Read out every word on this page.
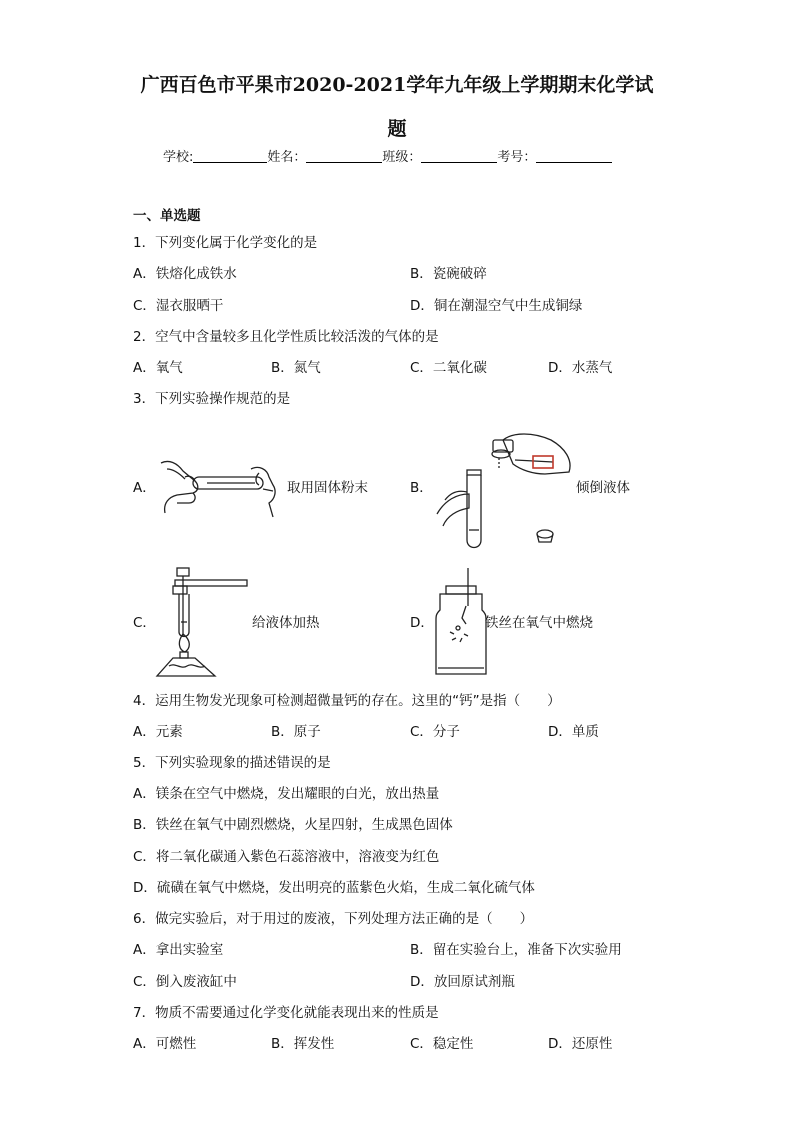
广西百色市平果市2020-2021学年九年级上学期期末化学试
题
学校:	姓名：	班级：	考号：
一、单选题
1．下列变化属于化学变化的是
A．铁熔化成铁水	B．瓷碗破碎
C．湿衣服晒干	D．铜在潮湿空气中生成铜绿
2．空气中含量较多且化学性质比较活泼的气体的是
A．氧气	B．氮气	C．二氧化碳	D．水蒸气
3．下列实验操作规范的是
A．	取用固体粉末	B．	倾倒液体
C．	给液体加热	D．	铁丝在氧气中燃烧
4．运用生物发光现象可检测超微量钙的存在。这里的“钙”是指（　　）
A．元素	B．原子	C．分子	D．单质
5．下列实验现象的描述错误的是
A．镁条在空气中燃烧，发出耀眼的白光，放出热量
B．铁丝在氧气中剧烈燃烧，火星四射，生成黑色固体
C．将二氧化碳通入紫色石蕊溶液中，溶液变为红色
D．硫磺在氧气中燃烧，发出明亮的蓝紫色火焰，生成二氧化硫气体
6．做完实验后，对于用过的废液，下列处理方法正确的是（　　）
A．拿出实验室	B．留在实验台上，准备下次实验用
C．倒入废液缸中	D．放回原试剂瓶
7．物质不需要通过化学变化就能表现出来的性质是
A．可燃性	B．挥发性	C．稳定性	D．还原性
